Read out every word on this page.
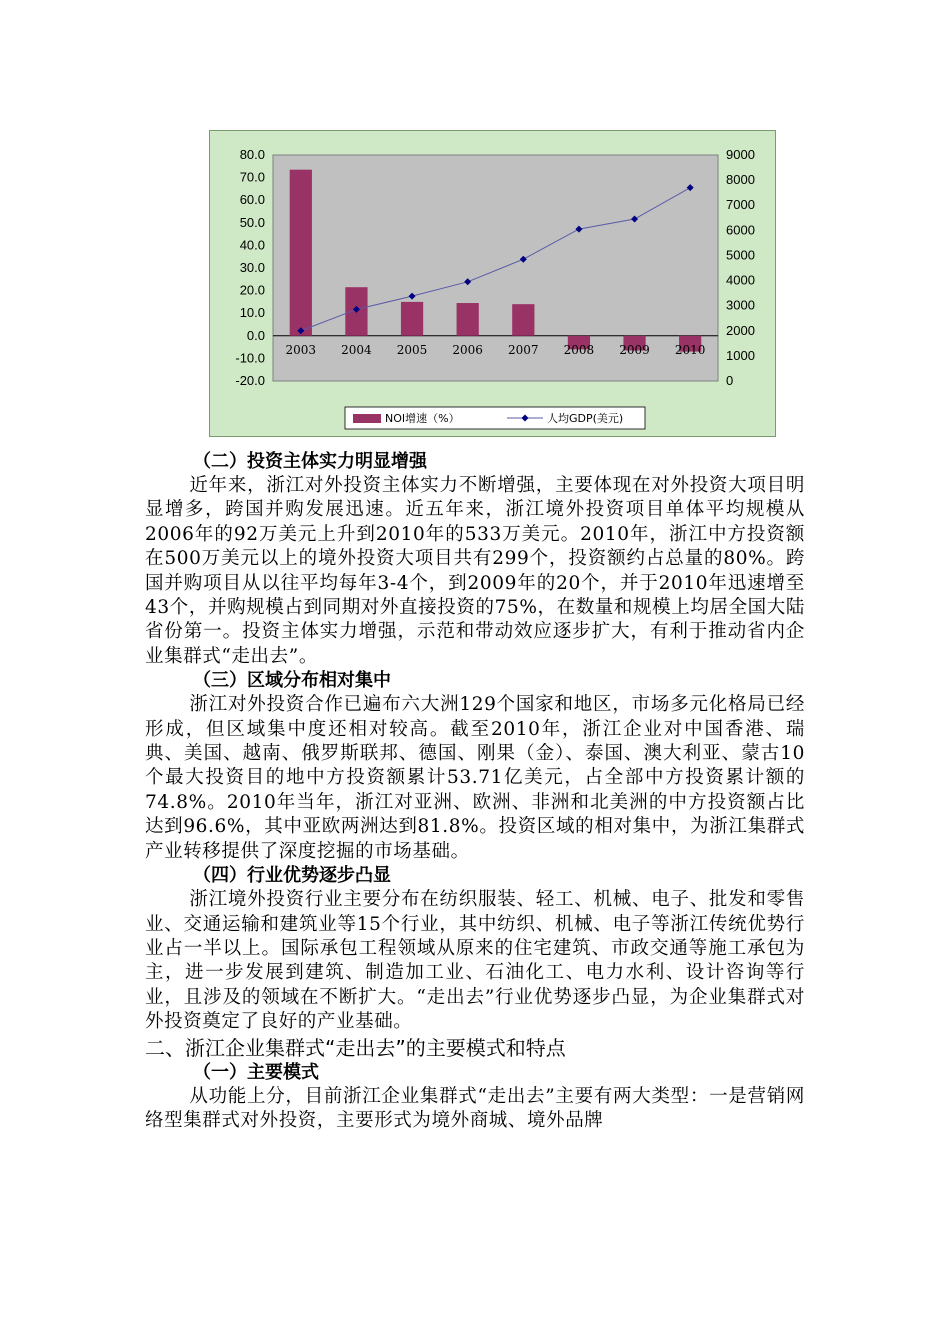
80.0
70.0
60.0
50.0
40.0
30.0
20.0
10.0
0.0
-10.0
-20.0
9000
8000
7000
6000
5000
4000
3000
2000
1000
0
2003 2004 2005 2006 2007 2008 2009 2010
NOI增速（%）	人均GDP(美元)

（二）投资主体实力明显增强

近年来，浙江对外投资主体实力不断增强，主要体现在对外投资大项目明显增多，跨国并购发展迅速。近五年来，浙江境外投资项目单体平均规模从2006年的92万美元上升到2010年的533万美元。2010年，浙江中方投资额在500万美元以上的境外投资大项目共有299个，投资额约占总量的80%。跨国并购项目从以往平均每年3-4个，到2009年的20个，并于2010年迅速增至43个，并购规模占到同期对外直接投资的75%，在数量和规模上均居全国大陆省份第一。投资主体实力增强，示范和带动效应逐步扩大，有利于推动省内企业集群式“走出去”。

（三）区域分布相对集中

浙江对外投资合作已遍布六大洲129个国家和地区，市场多元化格局已经形成，但区域集中度还相对较高。截至2010年，浙江企业对中国香港、瑞典、美国、越南、俄罗斯联邦、德国、刚果（金）、泰国、澳大利亚、蒙古10个最大投资目的地中方投资额累计53.71亿美元，占全部中方投资累计额的74.8%。2010年当年，浙江对亚洲、欧洲、非洲和北美洲的中方投资额占比达到96.6%，其中亚欧两洲达到81.8%。投资区域的相对集中，为浙江集群式产业转移提供了深度挖掘的市场基础。

（四）行业优势逐步凸显

浙江境外投资行业主要分布在纺织服装、轻工、机械、电子、批发和零售业、交通运输和建筑业等15个行业，其中纺织、机械、电子等浙江传统优势行业占一半以上。国际承包工程领域从原来的住宅建筑、市政交通等施工承包为主，进一步发展到建筑、制造加工业、石油化工、电力水利、设计咨询等行业，且涉及的领域在不断扩大。“走出去”行业优势逐步凸显，为企业集群式对外投资奠定了良好的产业基础。

二、浙江企业集群式“走出去”的主要模式和特点

（一）主要模式

从功能上分，目前浙江企业集群式“走出去”主要有两大类型：一是营销网络型集群式对外投资，主要形式为境外商城、境外品牌
